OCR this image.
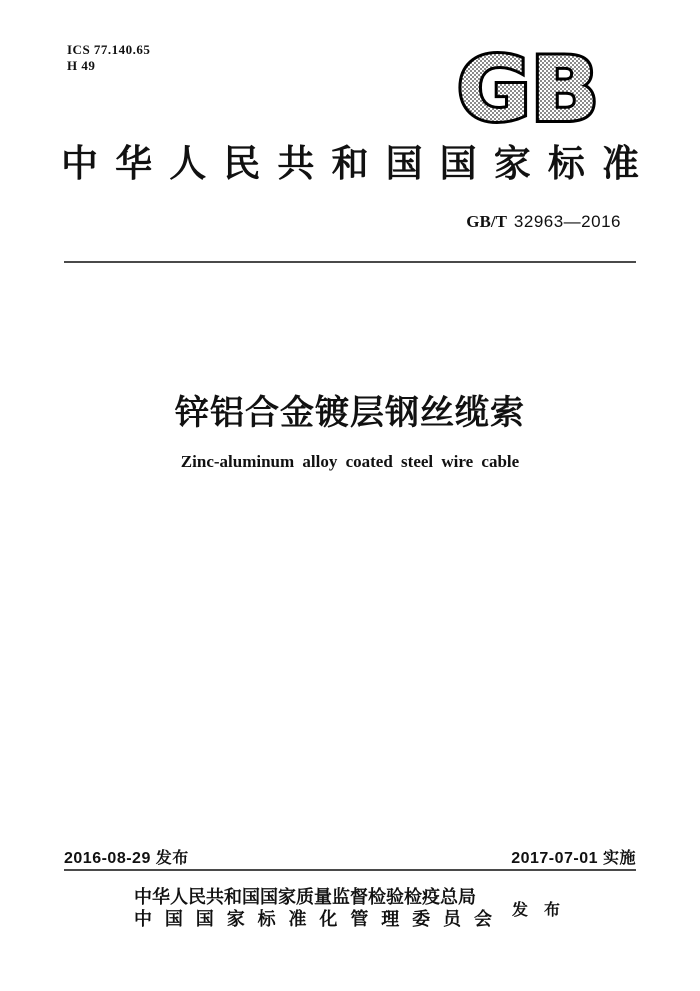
ICS 77.140.65
H 49	GB
中 华 人 民 共 和 国 国 家 标 准
GB/T 32963—2016
锌铝合金镀层钢丝缆索
Zinc-aluminum alloy coated steel wire cable
2016-08-29 发布	2017-07-01 实施
中华人民共和国国家质量监督检验检疫总局
中 国 国 家 标 准 化 管 理 委 员 会 发 布
